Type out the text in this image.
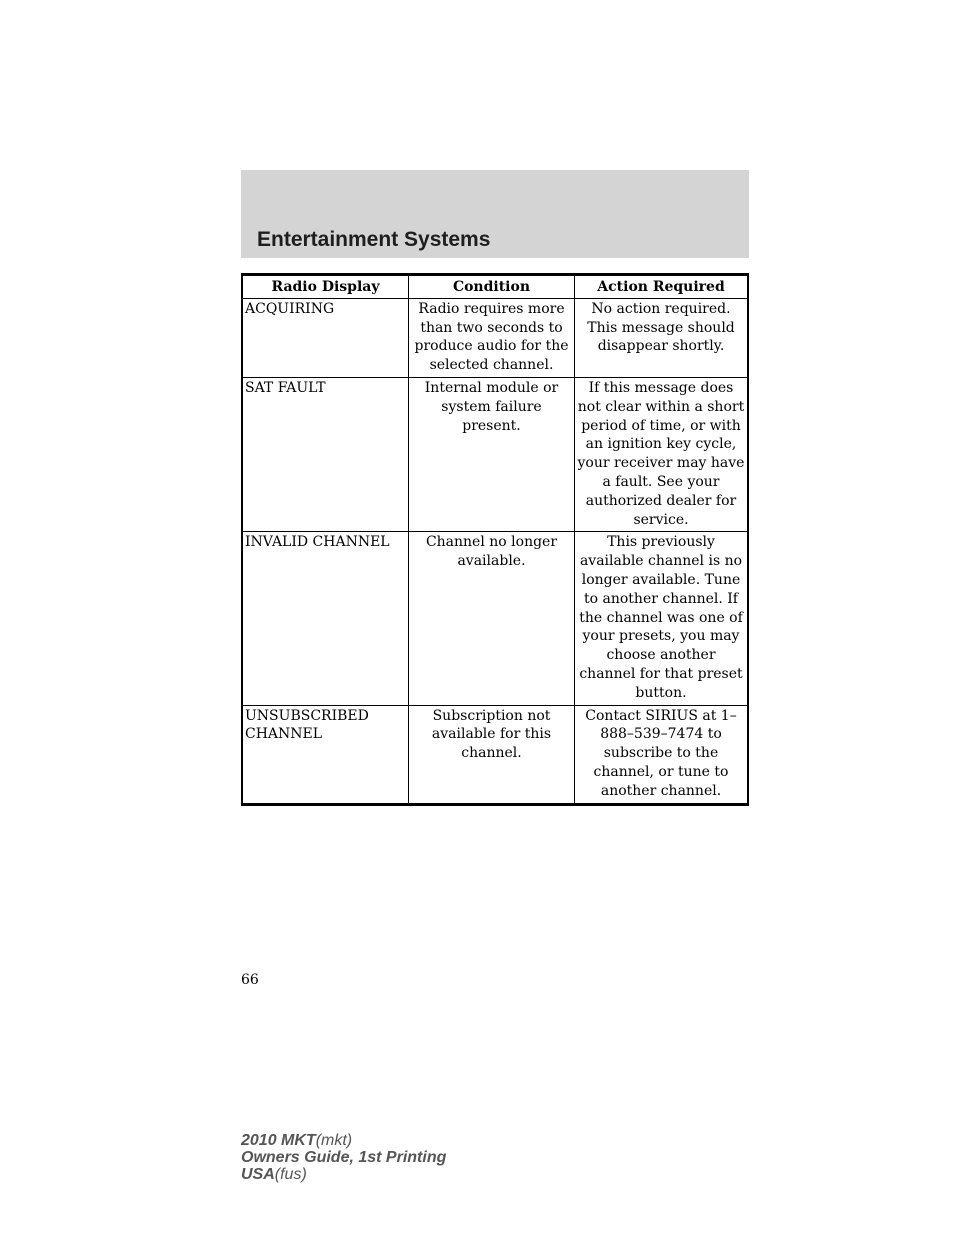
Entertainment Systems
Radio Display	Condition	Action Required
ACQUIRING	Radio requires more than two seconds to produce audio for the selected channel.	No action required. This message should disappear shortly.
SAT FAULT	Internal module or system failure present.	If this message does not clear within a short period of time, or with an ignition key cycle, your receiver may have a fault. See your authorized dealer for service.
INVALID CHANNEL	Channel no longer available.	This previously available channel is no longer available. Tune to another channel. If the channel was one of your presets, you may choose another channel for that preset button.
UNSUBSCRIBED CHANNEL	Subscription not available for this channel.	Contact SIRIUS at 1–888–539–7474 to subscribe to the channel, or tune to another channel.
66
2010 MKT(mkt)
Owners Guide, 1st Printing
USA(fus)
